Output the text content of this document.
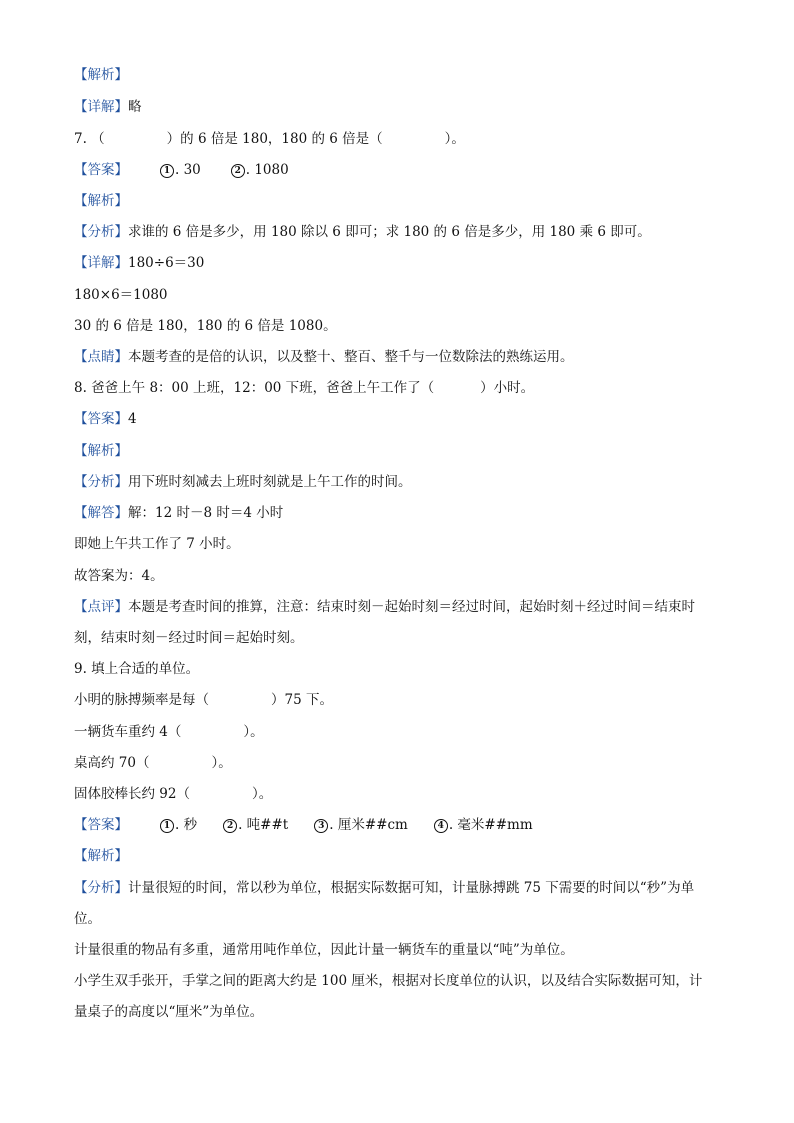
【解析】
【详解】略
7. （	）的 6 倍是 180，180 的 6 倍是（	）。
【答案】	1 . 30	2 . 1080
【解析】
【分析】求谁的 6 倍是多少，用 180 除以 6 即可；求 180 的 6 倍是多少，用 180 乘 6 即可。
【详解】180÷6＝30
180×6＝1080
30 的 6 倍是 180，180 的 6 倍是 1080。
【点睛】本题考查的是倍的认识，以及整十、整百、整千与一位数除法的熟练运用。
8. 爸爸上午 8：00 上班，12：00 下班，爸爸上午工作了（	）小时。
【答案】4
【解析】
【分析】用下班时刻减去上班时刻就是上午工作的时间。
【解答】解：12 时－8 时＝4 小时
即她上午共工作了 7 小时。
故答案为：4。
【点评】本题是考查时间的推算，注意：结束时刻－起始时刻＝经过时间，起始时刻＋经过时间＝结束时
刻，结束时刻－经过时间＝起始时刻。
9. 填上合适的单位。
小明的脉搏频率是每（	）75 下。
一辆货车重约 4（	）。
桌高约 70（	）。
固体胶棒长约 92（	）。
【答案】	1 . 秒	2 . 吨##t	3 . 厘米##cm	4 . 毫米##mm
【解析】
【分析】计量很短的时间，常以秒为单位，根据实际数据可知，计量脉搏跳 75 下需要的时间以“秒”为单
位。
计量很重的物品有多重，通常用吨作单位，因此计量一辆货车的重量以“吨”为单位。
小学生双手张开，手掌之间的距离大约是 100 厘米，根据对长度单位的认识，以及结合实际数据可知，计
量桌子的高度以“厘米”为单位。
